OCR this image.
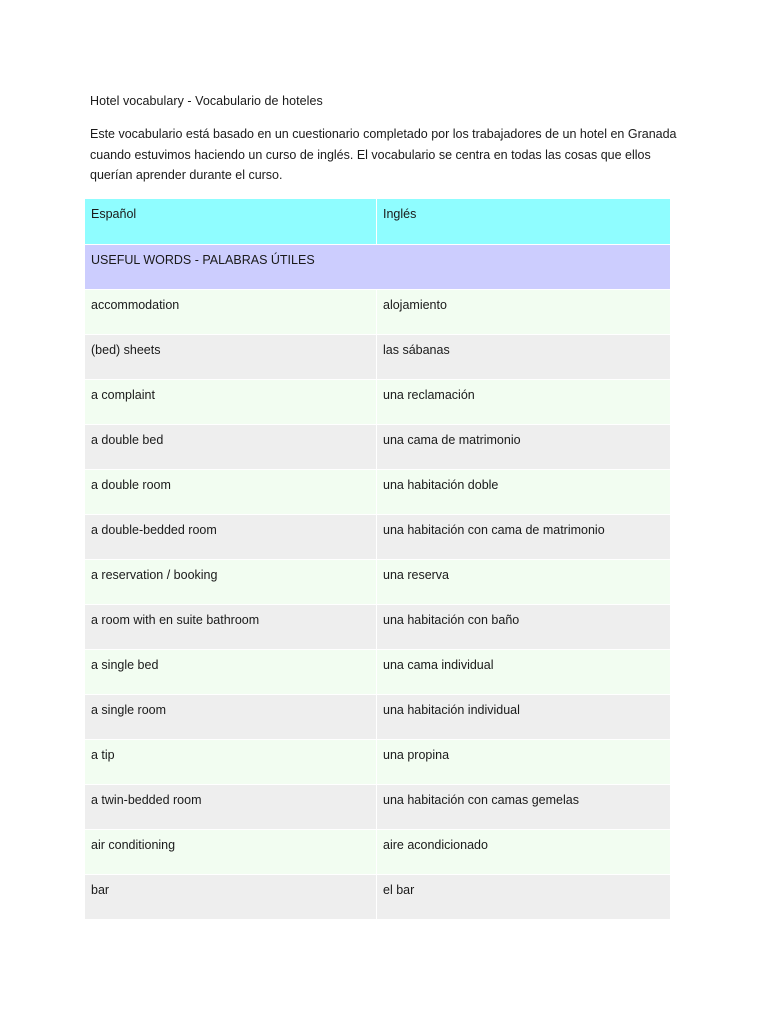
Hotel vocabulary - Vocabulario de hoteles
Este vocabulario está basado en un cuestionario completado por los trabajadores de un hotel en Granada cuando estuvimos haciendo un curso de inglés. El vocabulario se centra en todas las cosas que ellos querían aprender durante el curso.
Español	Inglés
USEFUL WORDS - PALABRAS ÚTILES	
accommodation	alojamiento
(bed) sheets	las sábanas
a complaint	una reclamación
a double bed	una cama de matrimonio
a double room	una habitación doble
a double-bedded room	una habitación con cama de matrimonio
a reservation / booking	una reserva
a room with en suite bathroom	una habitación con baño
a single bed	una cama individual
a single room	una habitación individual
a tip	una propina
a twin-bedded room	una habitación con camas gemelas
air conditioning	aire acondicionado
bar	el bar
